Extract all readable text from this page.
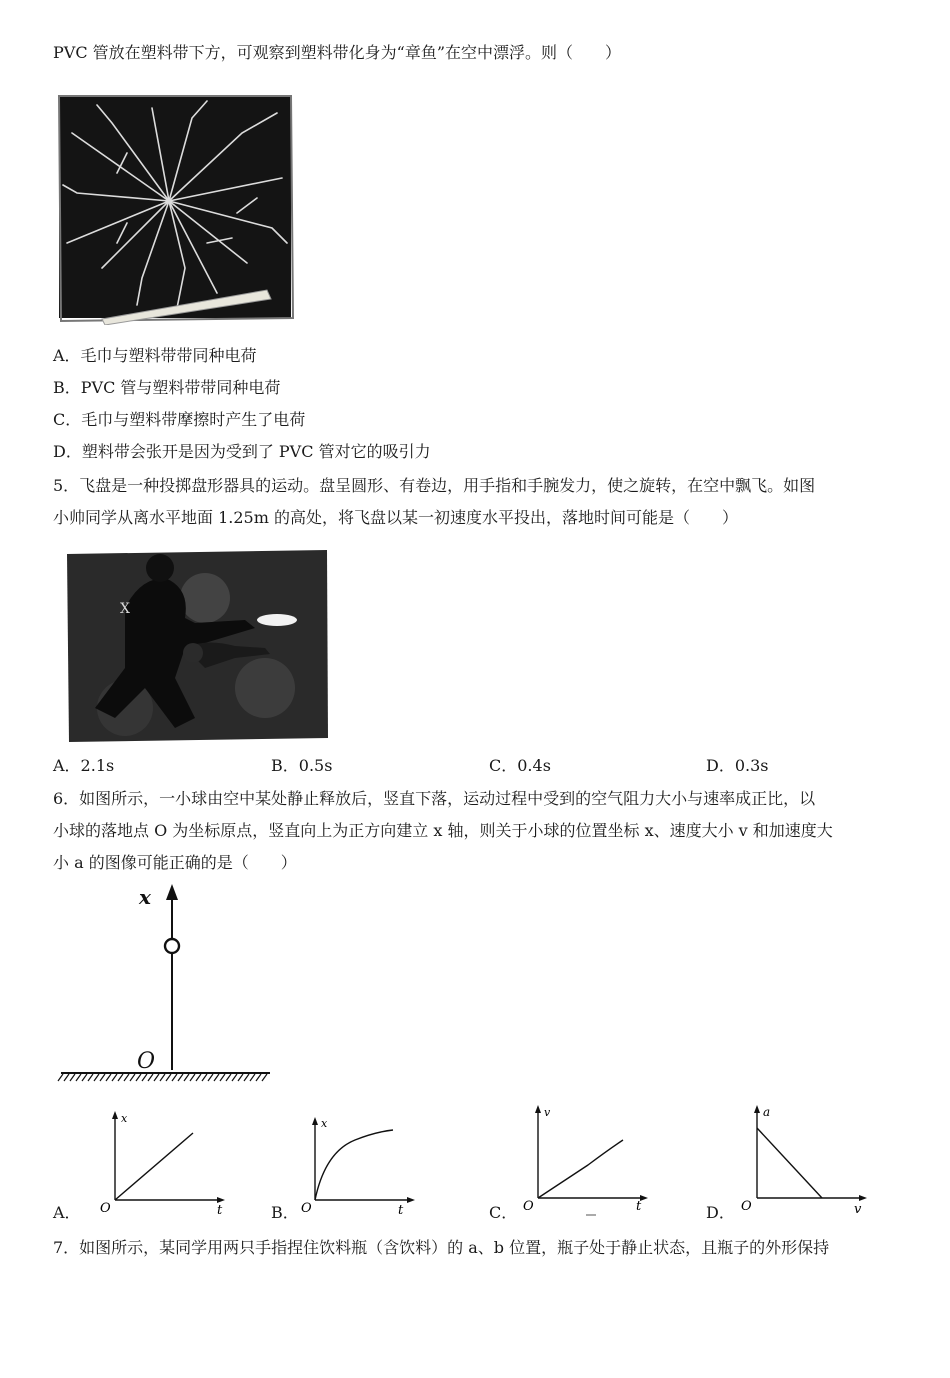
PVC 管放在塑料带下方，可观察到塑料带化身为“章鱼”在空中漂浮。则（　　）
A．毛巾与塑料带带同种电荷
B．PVC 管与塑料带带同种电荷
C．毛巾与塑料带摩擦时产生了电荷
D．塑料带会张开是因为受到了 PVC 管对它的吸引力
5．飞盘是一种投掷盘形器具的运动。盘呈圆形、有卷边，用手指和手腕发力，使之旋转，在空中飘飞。如图
小帅同学从离水平地面 1.25m 的高处，将飞盘以某一初速度水平投出，落地时间可能是（　　）
X
A．2.1s	B．0.5s	C．0.4s	D．0.3s
6．如图所示，一小球由空中某处静止释放后，竖直下落，运动过程中受到的空气阻力大小与速率成正比，以
小球的落地点 O 为坐标原点，竖直向上为正方向建立 x 轴，则关于小球的位置坐标 x、速度大小 v 和加速度大
小 a 的图像可能正确的是（　　）
x
O
A．
x
t
O	B．
x
t
O	C．
v
t
O	D．
a
v
O
7．如图所示，某同学用两只手指捏住饮料瓶（含饮料）的 a、b 位置，瓶子处于静止状态，且瓶子的外形保持
